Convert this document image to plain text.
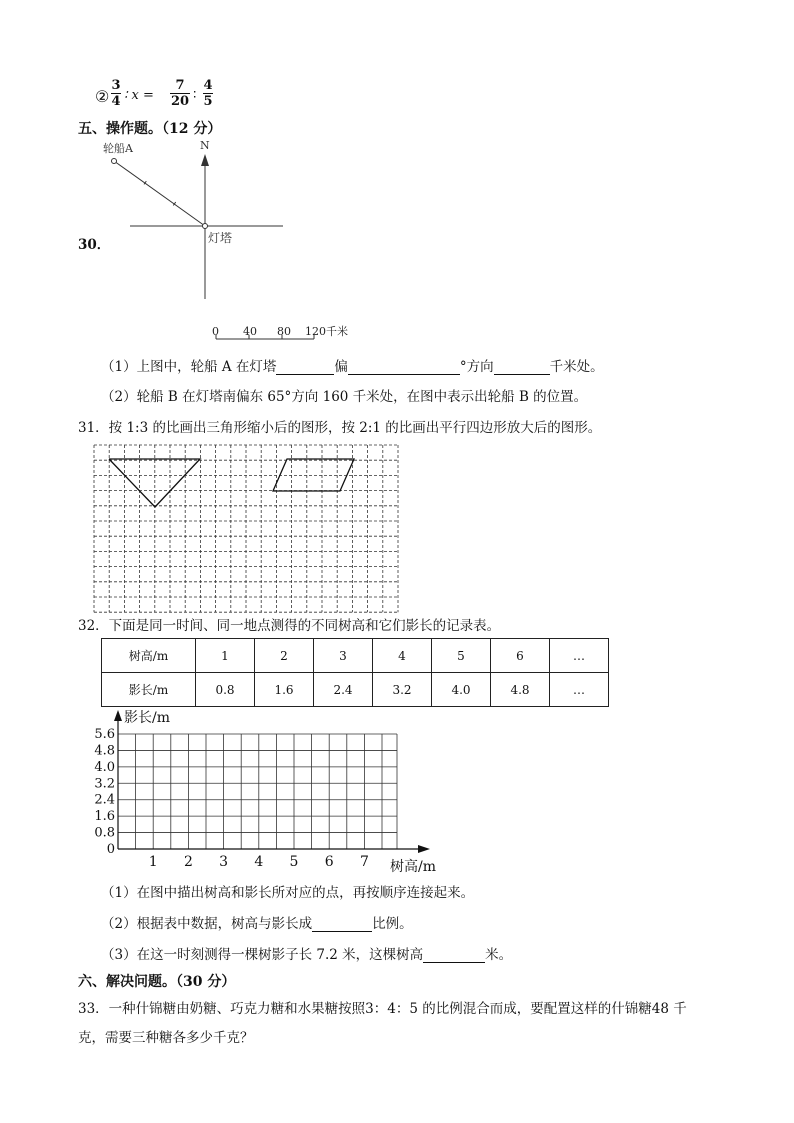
②
3
4 ∶ x =
7
20 ∶
4
5
五、操作题。（12 分）
30．
N
轮船A
灯塔
0 40 80 120千米
（1）上图中，轮船 A 在灯塔	偏	°方向	千米处。
（2）轮船 B 在灯塔南偏东 65°方向 160 千米处，在图中表示出轮船 B 的位置。
31．按 1:3 的比画出三角形缩小后的图形，按 2:1 的比画出平行四边形放大后的图形。
32．下面是同一时间、同一地点测得的不同树高和它们影长的记录表。
树高/m	1	2	3	4	5	6	…
影长/m	0.8	1.6	2.4	3.2	4.0	4.8	…
0
0.8
1.6
2.4
3.2
4.0
4.8
5.6
1 2 3 4 5 6 7
影长/m
树高/m
（1）在图中描出树高和影长所对应的点，再按顺序连接起来。
（2）根据表中数据，树高与影长成	比例。
（3）在这一时刻测得一棵树影子长 7.2 米，这棵树高	米。
六、解决问题。（30 分）
33．一种什锦糖由奶糖、巧克力糖和水果糖按照3：4：5 的比例混合而成，要配置这样的什锦糖48 千
克，需要三种糖各多少千克？
